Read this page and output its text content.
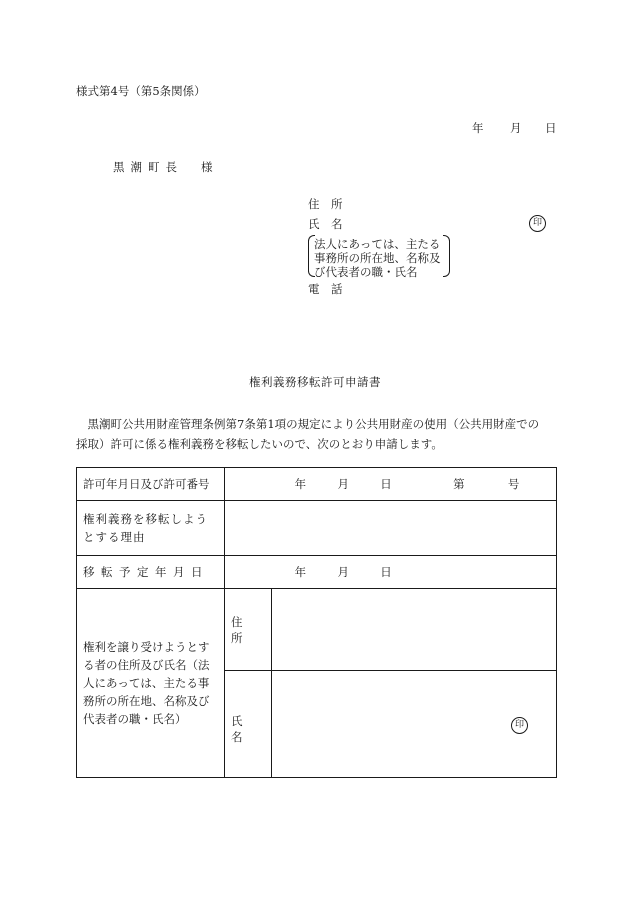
様式第4号（第5条関係）
年 月 日
黒潮町長 様
住　所
氏　名	印
法人にあっては、主たる
事務所の所在地、名称及
び代表者の職・氏名
電　話
権利義務移転許可申請書

　黒潮町公共用財産管理条例第7条第1項の規定により公共用財産の使用（公共用財産での

採取）許可に係る権利義務を移転したいので、次のとおり申請します。

許可年月日及び許可番号	年 月 日 第 号	
権利義務を移転しようとする理由		
移転予定年月日	年 月 日	
権利を譲り受けようとする者の住所及び氏名（法人にあっては、主たる事務所の所在地、名称及び代表者の職・氏名）	住　所	
	氏　名	印
